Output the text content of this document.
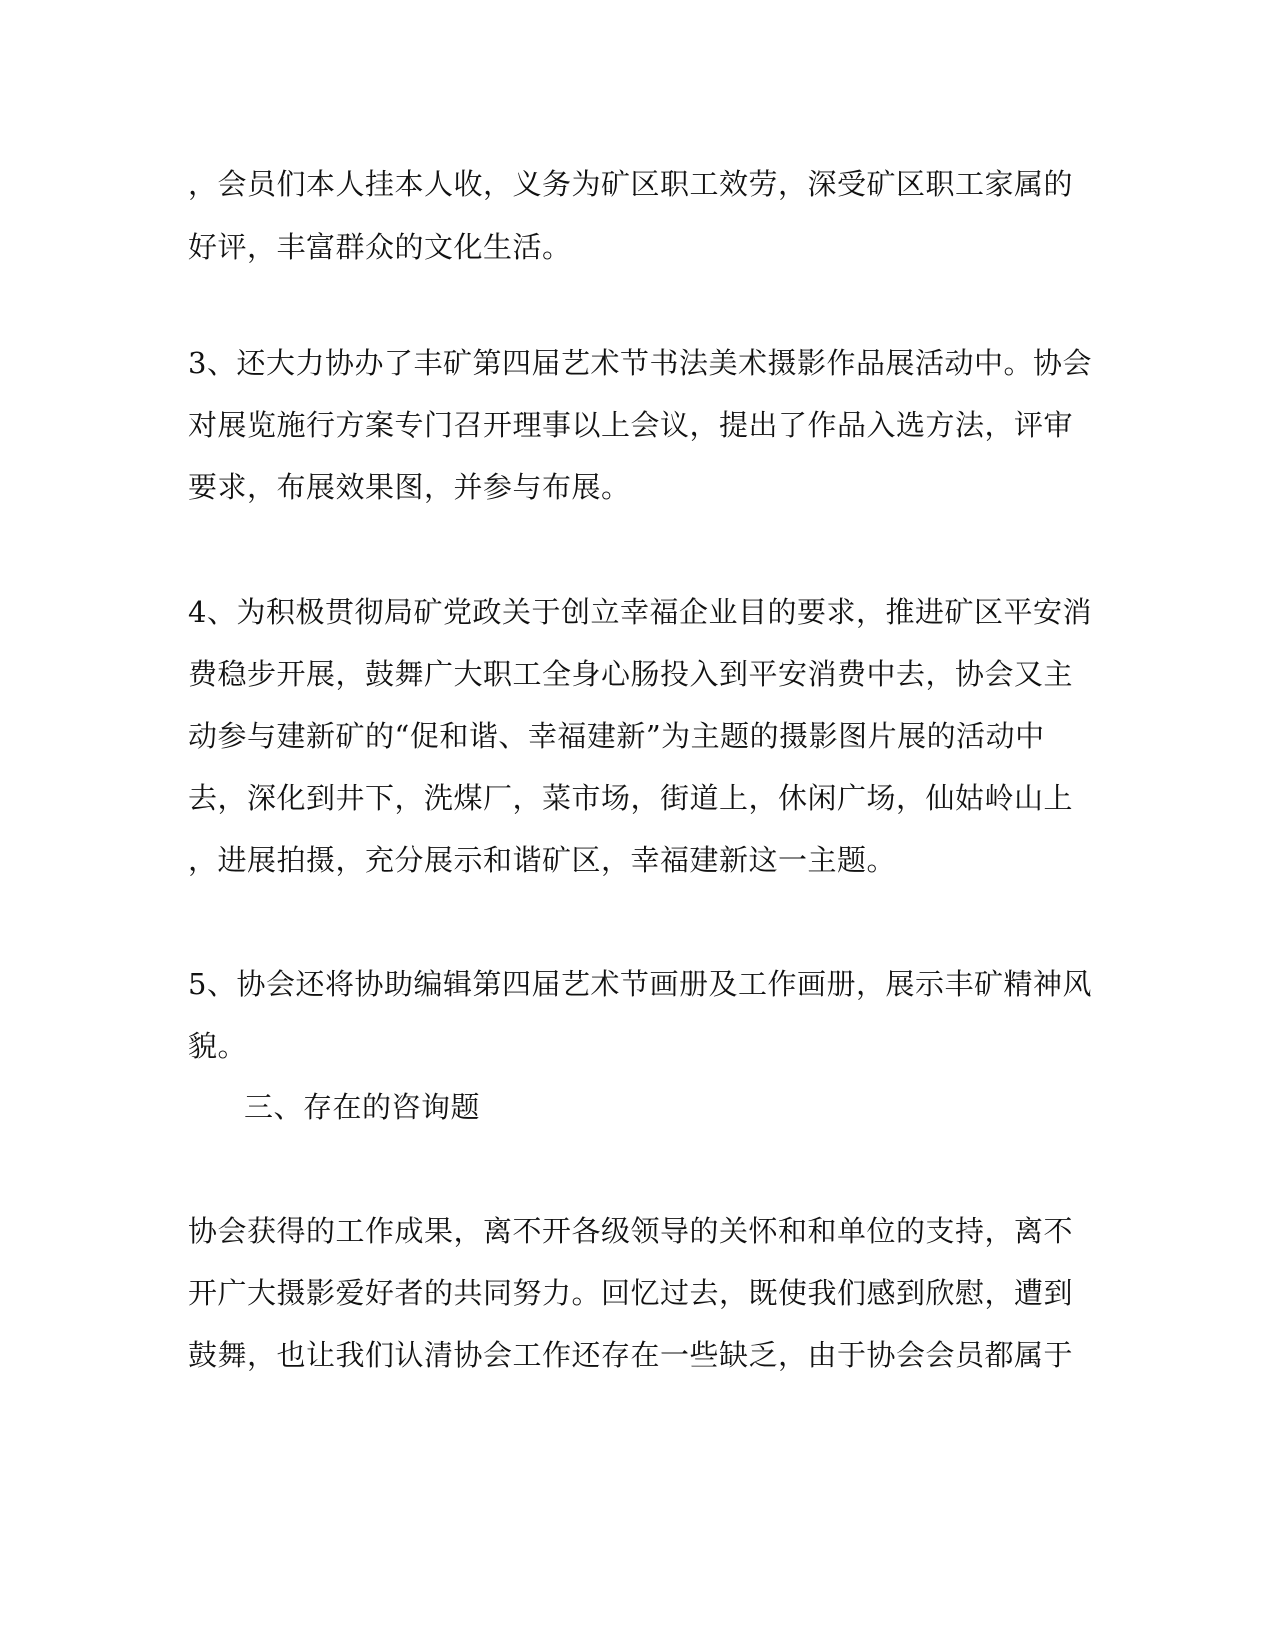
，会员们本人挂本人收，义务为矿区职工效劳，深受矿区职工家属的
好评，丰富群众的文化生活。
3、还大力协办了丰矿第四届艺术节书法美术摄影作品展活动中。协会
对展览施行方案专门召开理事以上会议，提出了作品入选方法，评审
要求，布展效果图，并参与布展。
4、为积极贯彻局矿党政关于创立幸福企业目的要求，推进矿区平安消
费稳步开展，鼓舞广大职工全身心肠投入到平安消费中去，协会又主
动参与建新矿的“促和谐、幸福建新”为主题的摄影图片展的活动中
去，深化到井下，洗煤厂，菜市场，街道上，休闲广场，仙姑岭山上
，进展拍摄，充分展示和谐矿区，幸福建新这一主题。
5、协会还将协助编辑第四届艺术节画册及工作画册，展示丰矿精神风
貌。
三、存在的咨询题
协会获得的工作成果，离不开各级领导的关怀和和单位的支持，离不
开广大摄影爱好者的共同努力。回忆过去，既使我们感到欣慰，遭到
鼓舞，也让我们认清协会工作还存在一些缺乏，由于协会会员都属于
